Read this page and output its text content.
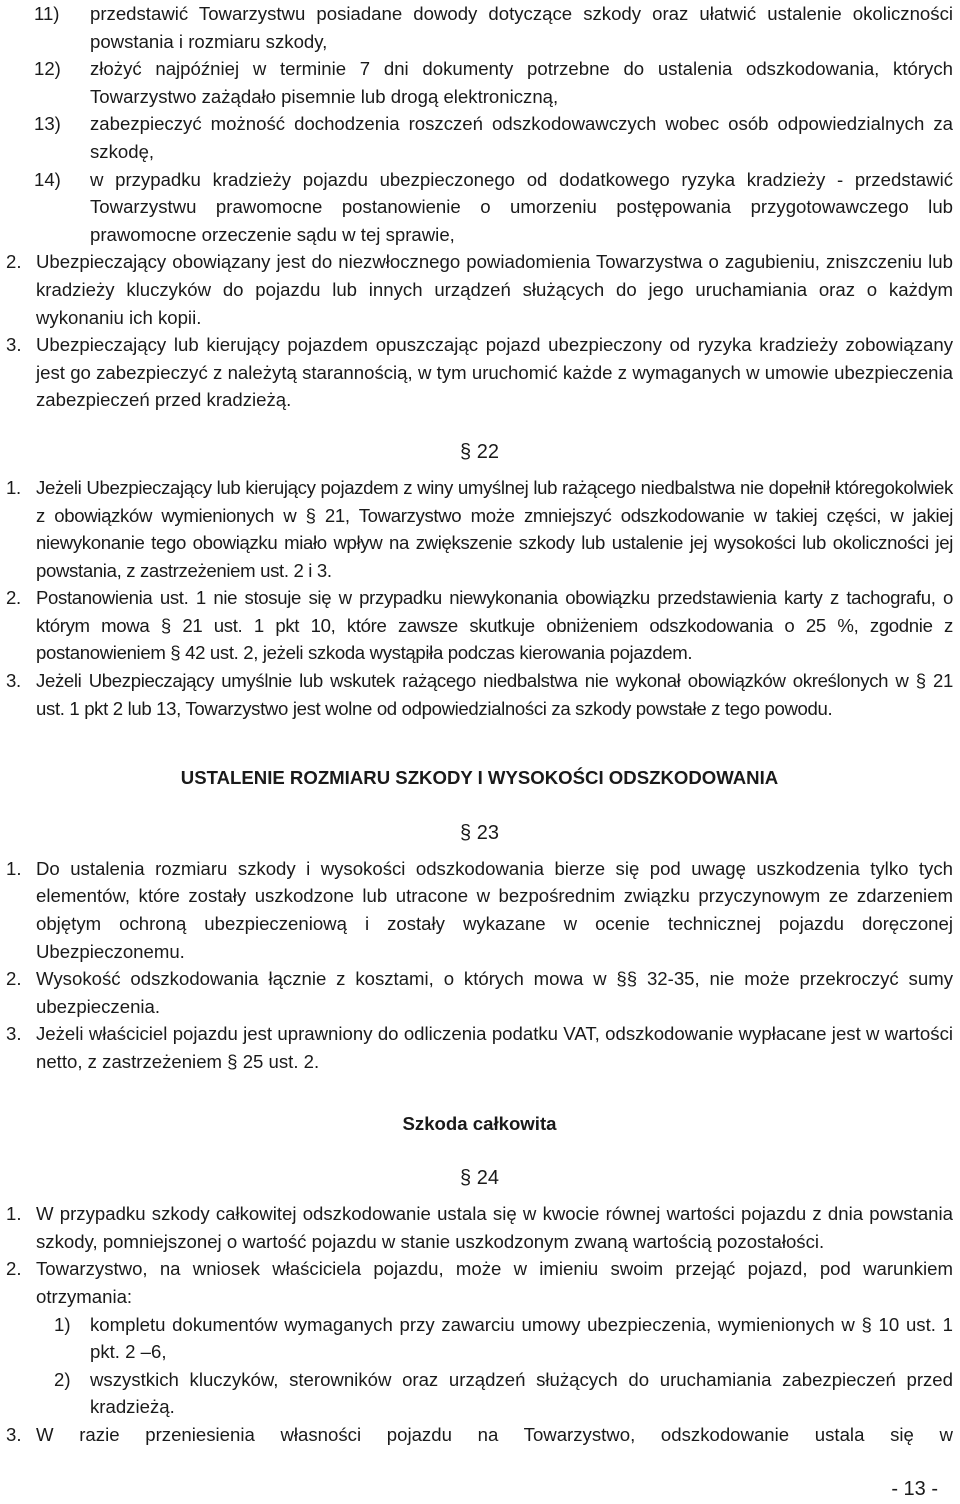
11)	przedstawić Towarzystwu posiadane dowody dotyczące szkody oraz ułatwić ustalenie okoliczności powstania i rozmiaru szkody,
12)	złożyć najpóźniej w terminie 7 dni dokumenty potrzebne do ustalenia odszkodowania, których Towarzystwo zażądało pisemnie lub drogą elektroniczną,
13)	zabezpieczyć możność dochodzenia roszczeń odszkodowawczych wobec osób odpowiedzialnych za szkodę,
14)	w przypadku kradzieży pojazdu ubezpieczonego od dodatkowego ryzyka kradzieży - przedstawić Towarzystwu prawomocne postanowienie o umorzeniu postępowania przygotowawczego lub prawomocne orzeczenie sądu w tej sprawie,
2. Ubezpieczający obowiązany jest do niezwłocznego powiadomienia Towarzystwa o zagubieniu, zniszczeniu lub kradzieży kluczyków do pojazdu lub innych urządzeń służących do jego uruchamiania oraz o każdym wykonaniu ich kopii.
3. Ubezpieczający lub kierujący pojazdem opuszczając pojazd ubezpieczony od ryzyka kradzieży zobowiązany jest go zabezpieczyć z należytą starannością, w tym uruchomić każde z wymaganych w umowie ubezpieczenia zabezpieczeń przed kradzieżą.
§ 22
1. Jeżeli Ubezpieczający lub kierujący pojazdem z winy umyślnej lub rażącego niedbalstwa nie dopełnił któregokolwiek z obowiązków wymienionych w § 21, Towarzystwo może zmniejszyć odszkodowanie w takiej części, w jakiej niewykonanie tego obowiązku miało wpływ na zwiększenie szkody lub ustalenie jej wysokości lub okoliczności jej powstania, z zastrzeżeniem ust. 2 i 3.
2. Postanowienia ust. 1 nie stosuje się w przypadku niewykonania obowiązku przedstawienia karty z tachografu, o którym mowa § 21 ust. 1 pkt 10, które zawsze skutkuje obniżeniem odszkodowania o 25 %, zgodnie z postanowieniem § 42 ust. 2, jeżeli szkoda wystąpiła podczas kierowania pojazdem.
3. Jeżeli Ubezpieczający umyślnie lub wskutek rażącego niedbalstwa nie wykonał obowiązków określonych w § 21 ust. 1 pkt 2 lub 13, Towarzystwo jest wolne od odpowiedzialności za szkody powstałe z tego powodu.
USTALENIE ROZMIARU SZKODY I WYSOKOŚCI ODSZKODOWANIA
§ 23
1. Do ustalenia rozmiaru szkody i wysokości odszkodowania bierze się pod uwagę uszkodzenia tylko tych elementów, które zostały uszkodzone lub utracone w bezpośrednim związku przyczynowym ze zdarzeniem objętym ochroną ubezpieczeniową i zostały wykazane w ocenie technicznej pojazdu doręczonej Ubezpieczonemu.
2. Wysokość odszkodowania łącznie z kosztami, o których mowa w §§ 32-35, nie może przekroczyć sumy ubezpieczenia.
3. Jeżeli właściciel pojazdu jest uprawniony do odliczenia podatku VAT, odszkodowanie wypłacane jest w wartości netto, z zastrzeżeniem § 25 ust. 2.
Szkoda całkowita
§ 24
1. W przypadku szkody całkowitej odszkodowanie ustala się w kwocie równej wartości pojazdu z dnia powstania szkody, pomniejszonej o wartość pojazdu w stanie uszkodzonym zwaną wartością pozostałości.
2. Towarzystwo, na wniosek właściciela pojazdu, może w imieniu swoim przejąć pojazd, pod warunkiem otrzymania:
1)	kompletu dokumentów wymaganych przy zawarciu umowy ubezpieczenia, wymienionych w § 10 ust. 1 pkt. 2 –6,
2)	wszystkich kluczyków, sterowników oraz urządzeń służących do uruchamiania zabezpieczeń przed kradzieżą.
3. W razie przeniesienia własności pojazdu na Towarzystwo, odszkodowanie ustala się w
- 13 -
